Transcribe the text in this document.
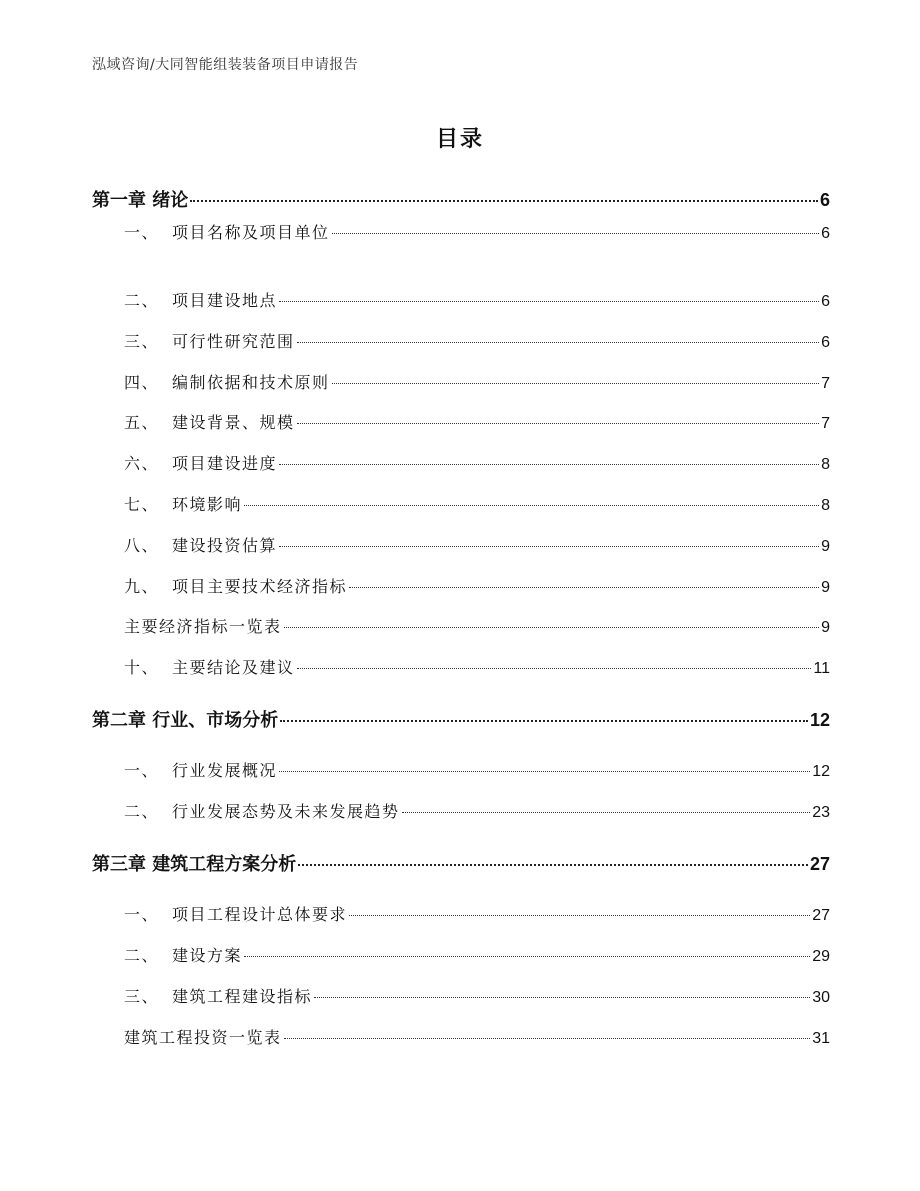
泓域咨询/大同智能组装装备项目申请报告
目录
第一章 绪论	6
一、 项目名称及项目单位	6
二、 项目建设地点	6
三、 可行性研究范围	6
四、 编制依据和技术原则	7
五、 建设背景、规模	7
六、 项目建设进度	8
七、 环境影响	8
八、 建设投资估算	9
九、 项目主要技术经济指标	9
主要经济指标一览表	9
十、 主要结论及建议	11
第二章 行业、市场分析	12
一、 行业发展概况	12
二、 行业发展态势及未来发展趋势	23
第三章 建筑工程方案分析	27
一、 项目工程设计总体要求	27
二、 建设方案	29
三、 建筑工程建设指标	30
建筑工程投资一览表	31
